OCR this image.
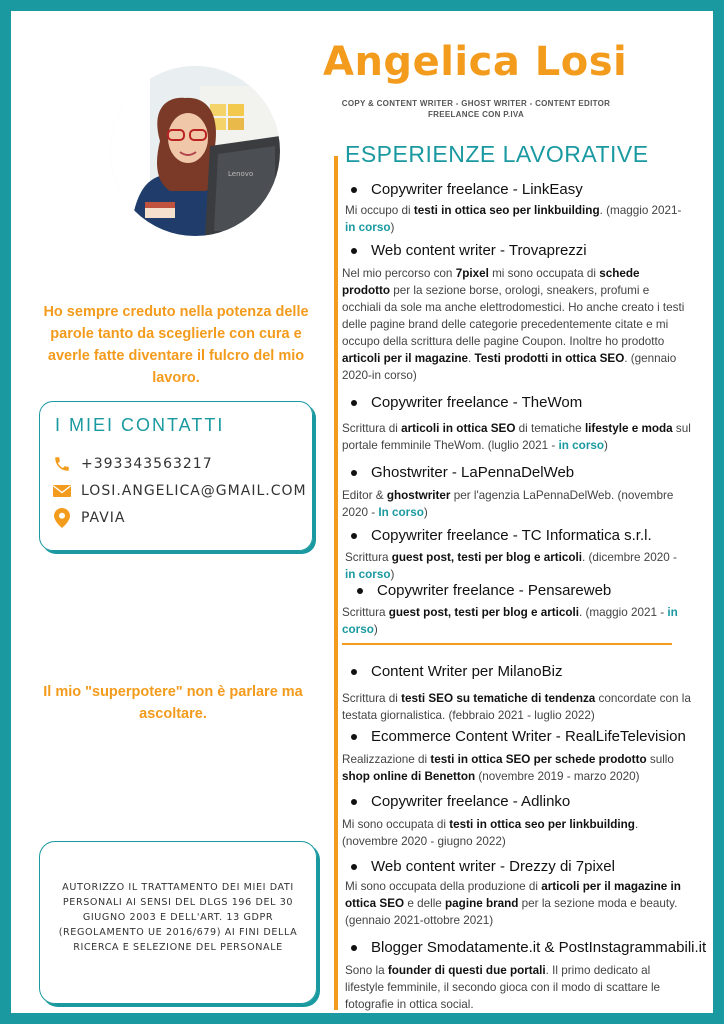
Lenovo
Angelica Losi
COPY & CONTENT WRITER - GHOST WRITER - CONTENT EDITOR
FREELANCE CON P.IVA
Ho sempre creduto nella potenza delle parole tanto da sceglierle con cura e averle fatte diventare il fulcro del mio lavoro.
I MIEI CONTATTI
+393343563217
LOSI.ANGELICA@GMAIL.COM
PAVIA
Il mio "superpotere" non è parlare ma ascoltare.

AUTORIZZO IL TRATTAMENTO DEI MIEI DATI PERSONALI AI SENSI DEL DLGS 196 DEL 30 GIUGNO 2003 E DELL'ART. 13 GDPR (REGOLAMENTO UE 2016/679) AI FINI DELLA RICERCA E SELEZIONE DEL PERSONALE

ESPERIENZE LAVORATIVE
Copywriter freelance - LinkEasy
Mi occupo di testi in ottica seo per linkbuilding. (maggio 2021- in corso)
Web content writer - Trovaprezzi
Nel mio percorso con 7pixel mi sono occupata di schede prodotto per la sezione borse, orologi, sneakers, profumi e occhiali da sole ma anche elettrodomestici. Ho anche creato i testi delle pagine brand delle categorie precedentemente citate e mi occupo della scrittura delle pagine Coupon. Inoltre ho prodotto articoli per il magazine. Testi prodotti in ottica SEO. (gennaio 2020-in corso)
Copywriter freelance - TheWom
Scrittura di articoli in ottica SEO di tematiche lifestyle e moda sul portale femminile TheWom. (luglio 2021 - in corso)
Ghostwriter - LaPennaDelWeb
Editor & ghostwriter per l'agenzia LaPennaDelWeb. (novembre 2020 - In corso)
Copywriter freelance - TC Informatica s.r.l.
Scrittura guest post, testi per blog e articoli. (dicembre 2020 - in corso)
Copywriter freelance - Pensareweb
Scrittura guest post, testi per blog e articoli. (maggio 2021 - in corso)
Content Writer per MilanoBiz
Scrittura di testi SEO su tematiche di tendenza concordate con la testata giornalistica. (febbraio 2021 - luglio 2022)
Ecommerce Content Writer - RealLifeTelevision
Realizzazione di testi in ottica SEO per schede prodotto sullo shop online di Benetton (novembre 2019 - marzo 2020)
Copywriter freelance - Adlinko
Mi sono occupata di testi in ottica seo per linkbuilding. (novembre 2020 - giugno 2022)
Web content writer - Drezzy di 7pixel
Mi sono occupata della produzione di articoli per il magazine in ottica SEO e delle pagine brand per la sezione moda e beauty. (gennaio 2021-ottobre 2021)
Blogger Smodatamente.it & PostInstagrammabili.it
Sono la founder di questi due portali. Il primo dedicato al lifestyle femminile, il secondo gioca con il modo di scattare le fotografie in ottica social.
